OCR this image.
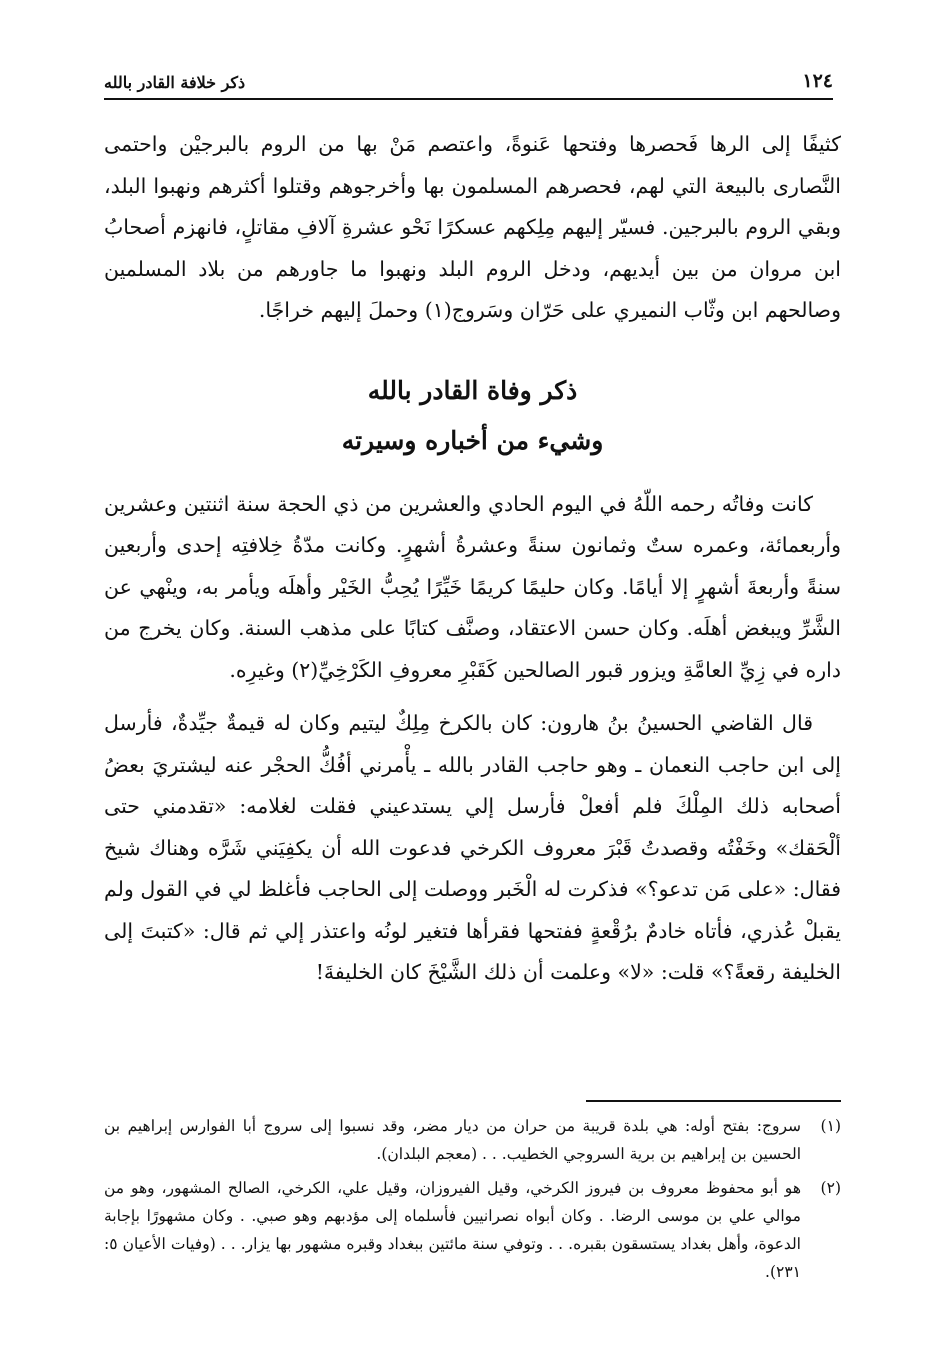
١٢٤
ذكر خلافة القادر بالله

كثيفًا إلى الرها فَحصرها وفتحها عَنوةً، واعتصم مَنْ بها من الروم بالبرجيْن واحتمى النَّصارى بالبيعة التي لهم، فحصرهم المسلمون بها وأخرجوهم وقتلوا أكثرهم ونهبوا البلد، وبقي الروم بالبرجين. فسيّر إليهم مِلِكهم عسكرًا نَحْو عشرةِ آلافِ مقاتلٍ، فانهزم أصحابُ ابن مروان من بين أيديهم، ودخل الروم البلد ونهبوا ما جاورهم من بلاد المسلمين وصالحهم ابن وثّاب النميري على حَرّان وسَروج(١) وحملَ إليهم خراجًا.

ذكر وفاة القادر بالله
وشيء من أخباره وسيرته

كانت وفاتُه رحمه اللّهُ في اليوم الحادي والعشرين من ذي الحجة سنة اثنتين وعشرين وأربعمائة، وعمره ستٌ وثمانون سنةً وعشرةُ أشهرٍ. وكانت مدّةُ خِلافتِه إحدى وأربعين سنةً وأربعةَ أشهرٍ إلا أيامًا. وكان حليمًا كريمًا خَيِّرًا يُحِبُّ الخَيْر وأهلَه ويأمر به، وينْهي عن الشَّرِّ ويبغض أهلَه. وكان حسن الاعتقاد، وصنَّف كتابًا على مذهب السنة. وكان يخرج من داره في زِيِّ العامَّةِ ويزور قبور الصالحين كَقَبْرِ معروفِ الكَرْخِيِّ(٢) وغيرِه.

قال القاضي الحسينُ بنُ هارون: كان بالكرخ مِلِكٌ ليتيم وكان له قيمةٌ جيِّدةٌ، فأرسل إلى ابن حاجب النعمان ـ وهو حاجب القادر بالله ـ يأْمرني أفُكُّ الحجْر عنه ليشتريَ بعضُ أصحابه ذلك المِلْكَ فلم أفعلْ فأرسل إلي يستدعيني فقلت لغلامه: «تقدمني حتى ألْحَقك» وخَفْتُه وقصدتُ قَبْرَ معروف الكرخي فدعوت الله أن يكفِيَني شَرَّه وهناك شيخ فقال: «على مَن تدعو؟» فذكرت له الْخَبر ووصلت إلى الحاجب فأغلظ لي في القول ولم يقبلْ عُذري، فأتاه خادمٌ برُقْعةٍ ففتحها فقرأها فتغير لونُه واعتذر إلي ثم قال: «كتبتَ إلى الخليفة رقعةً؟» قلت: «لا» وعلمت أن ذلك الشَّيْخَ كان الخليفةَ!

(١)
سروج: بفتح أوله: هي بلدة قريبة من حران من ديار مضر، وقد نسبوا إلى سروج أبا الفوارس إبراهيم بن الحسين بن إبراهيم بن برية السروجي الخطيب. . . (معجم البلدان).
(٢)
هو أبو محفوظ معروف بن فيروز الكرخي، وقيل الفيروزان، وقيل علي، الكرخي، الصالح المشهور، وهو من موالي علي بن موسى الرضا. . وكان أبواه نصرانيين فأسلماه إلى مؤدبهم وهو صبي. . وكان مشهورًا بإجابة الدعوة، وأهل بغداد يستسقون بقبره. . . وتوفي سنة مائتين ببغداد وقبره مشهور بها يزار. . . (وفيات الأعيان ٥: ٢٣١).
